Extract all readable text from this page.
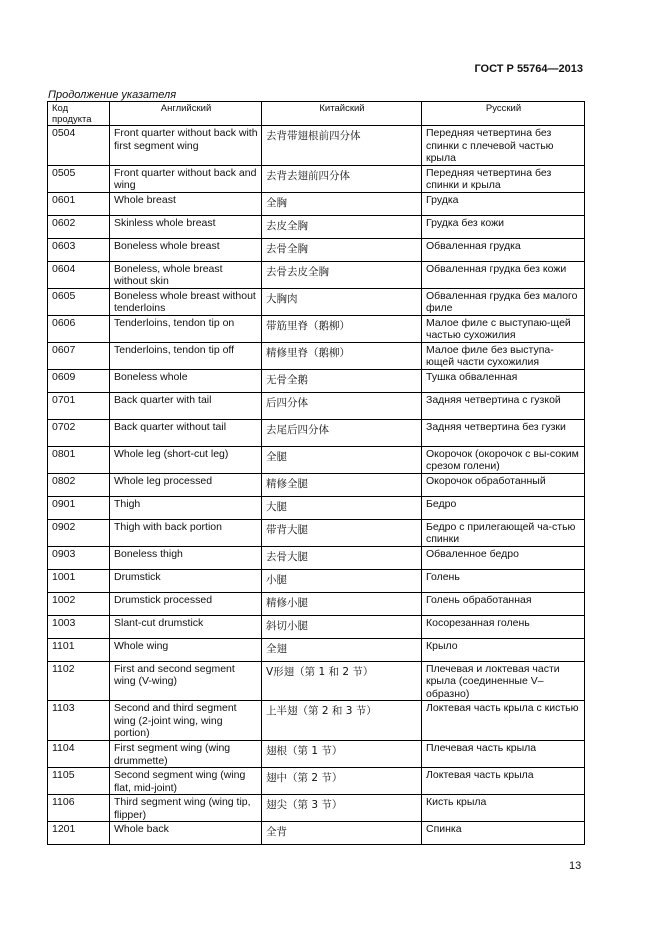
ГОСТ Р 55764—2013
Продолжение указателя
Код продукта	Английский	Китайский	Русский
0504	Front quarter without back with first segment wing	去背带翅根前四分体	Передняя четвертина без спинки с плечевой частью крыла
0505	Front quarter without back and wing	去背去翅前四分体	Передняя четвертина без спинки и крыла
0601	Whole breast	全胸	Грудка
0602	Skinless whole breast	去皮全胸	Грудка без кожи
0603	Boneless whole breast	去骨全胸	Обваленная грудка
0604	Boneless, whole breast without skin	去骨去皮全胸	Обваленная грудка без кожи
0605	Boneless whole breast without tenderloins	大胸肉	Обваленная грудка без малого филе
0606	Tenderloins, tendon tip on	带筋里脊（鹅柳）	Малое филе с выступаю-щей частью сухожилия
0607	Tenderloins, tendon tip off	精修里脊（鹅柳）	Малое филе без выступа-ющей части сухожилия
0609	Boneless whole	无骨全鹅	Тушка обваленная
0701	Back quarter with tail	后四分体	Задняя четвертина с гузкой
0702	Back quarter without tail	去尾后四分体	Задняя четвертина без гузки
0801	Whole leg (short-cut leg)	全腿	Окорочок (окорочок с вы-соким срезом голени)
0802	Whole leg processed	精修全腿	Окорочок обработанный
0901	Thigh	大腿	Бедро
0902	Thigh with back portion	带背大腿	Бедро с прилегающей ча-стью спинки
0903	Boneless thigh	去骨大腿	Обваленное бедро
1001	Drumstick	小腿	Голень
1002	Drumstick processed	精修小腿	Голень обработанная
1003	Slant-cut drumstick	斜切小腿	Косорезанная голень
1101	Whole wing	全翅	Крыло
1102	First and second segment wing (V-wing)	V形翅（第 1 和 2 节）	Плечевая и локтевая части крыла (соединенные V–образно)
1103	Second and third segment wing (2-joint wing, wing portion)	上半翅（第 2 和 3 节）	Локтевая часть крыла с кистью
1104	First segment wing (wing drummette)	翅根（第 1 节）	Плечевая часть крыла
1105	Second segment wing (wing flat, mid-joint)	翅中（第 2 节）	Локтевая часть крыла
1106	Third segment wing (wing tip, flipper)	翅尖（第 3 节）	Кисть крыла
1201	Whole back	全背	Спинка
13
